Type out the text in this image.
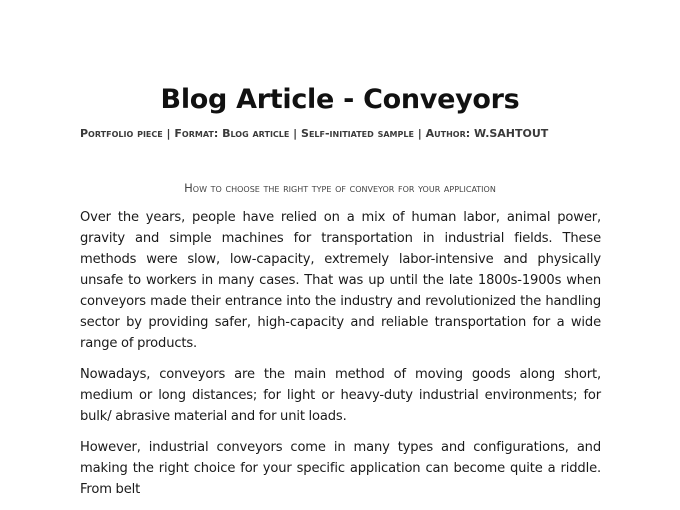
Blog Article - Conveyors
Portfolio piece | Format: Blog article | Self-initiated sample | Author: W.SAHTOUT
How to choose the right type of conveyor for your application

Over the years, people have relied on a mix of human labor, animal power, gravity and simple machines for transportation in industrial fields. These methods were slow, low-capacity, extremely labor-intensive and physically unsafe to workers in many cases. That was up until the late 1800s-1900s when conveyors made their entrance into the industry and revolutionized the handling sector by providing safer, high-capacity and reliable transportation for a wide range of products.

Nowadays, conveyors are the main method of moving goods along short, medium or long distances; for light or heavy-duty industrial environments; for bulk/ abrasive material and for unit loads.

However, industrial conveyors come in many types and configurations, and making the right choice for your specific application can become quite a riddle. From belt
